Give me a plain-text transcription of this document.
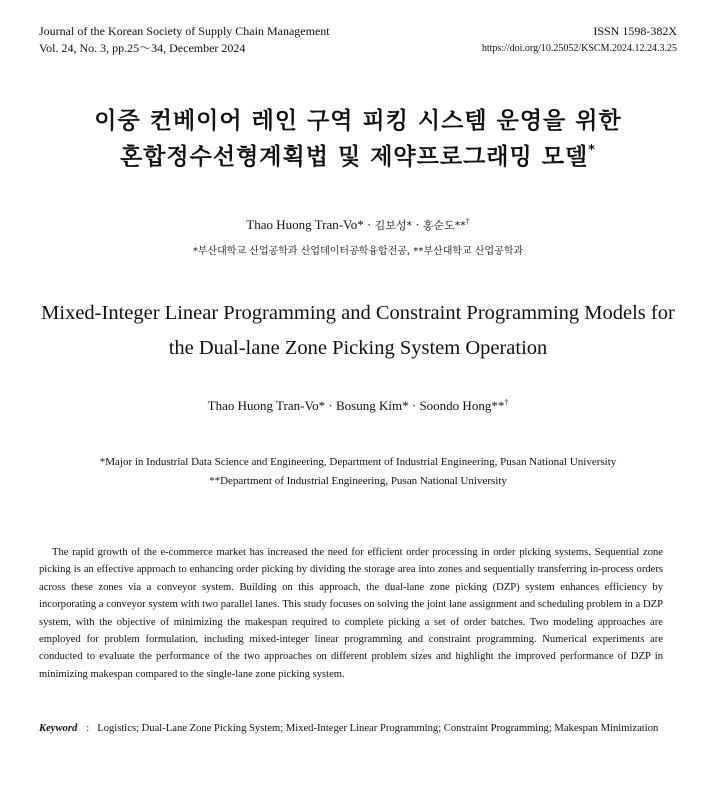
Journal of the Korean Society of Supply Chain Management
Vol. 24, No. 3, pp.25～34, December 2024
ISSN 1598-382X
https://doi.org/10.25052/KSCM.2024.12.24.3.25
이중 컨베이어 레인 구역 피킹 시스템 운영을 위한
혼합정수선형계획법 및 제약프로그래밍 모델*
Thao Huong Tran-Vo* · 김보성* · 홍순도**†
*부산대학교 산업공학과 산업데이터공학융합전공, **부산대학교 산업공학과
Mixed-Integer Linear Programming and Constraint Programming Models for
the Dual-lane Zone Picking System Operation
Thao Huong Tran-Vo* · Bosung Kim* · Soondo Hong**†
*Major in Industrial Data Science and Engineering, Department of Industrial Engineering, Pusan National University
**Department of Industrial Engineering, Pusan National University

The rapid growth of the e-commerce market has increased the need for efficient order processing in order picking systems. Sequential zone picking is an effective approach to enhancing order picking by dividing the storage area into zones and sequentially transferring in-process orders across these zones via a conveyor system. Building on this approach, the dual-lane zone picking (DZP) system enhances efficiency by incorporating a conveyor system with two parallel lanes. This study focuses on solving the joint lane assignment and scheduling problem in a DZP system, with the objective of minimizing the makespan required to complete picking a set of order batches. Two modeling approaches are employed for problem formulation, including mixed-integer linear programming and constraint programming. Numerical experiments are conducted to evaluate the performance of the two approaches on different problem sizes and highlight the improved performance of DZP in minimizing makespan compared to the single-lane zone picking system.

Keyword : Logistics; Dual-Lane Zone Picking System; Mixed-Integer Linear Programming; Constraint Programming; Makespan Minimization
